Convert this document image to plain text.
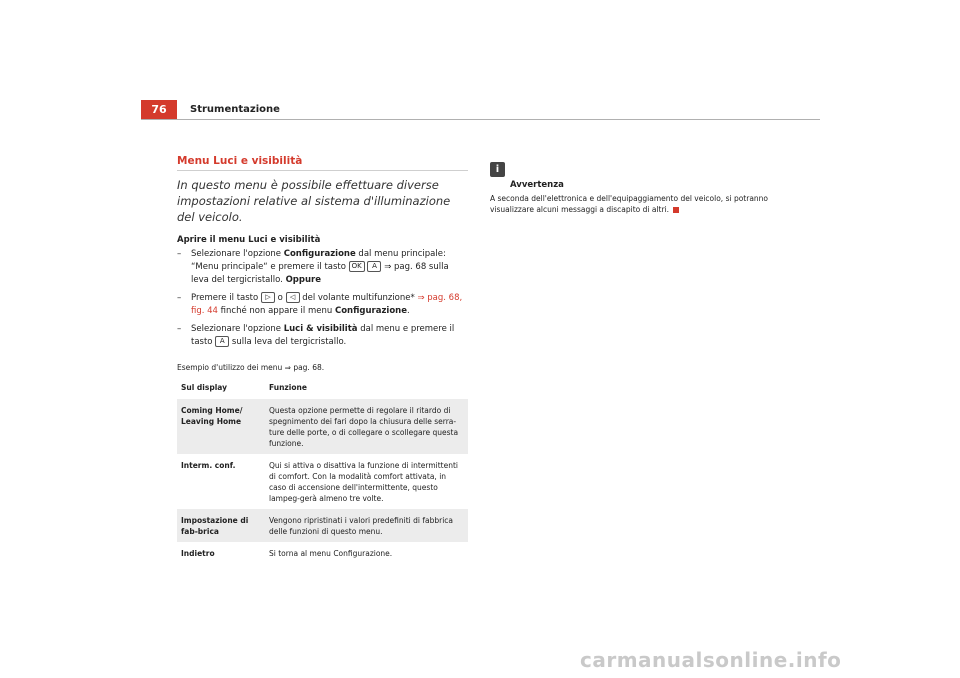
76	Strumentazione
Menu Luci e visibilità

In questo menu è possibile effettuare diverse impostazioni relative al sistema d'illuminazione del veicolo.

Aprire il menu Luci e visibilità

– Selezionare l'opzione Configurazione dal menu principale: “Menu principale“ e premere il tasto OK A ⇒ pag. 68 sulla leva del tergicristallo. Oppure
– Premere il tasto ▷ o ◁ del volante multifunzione* ⇒ pag. 68, fig. 44 finché non appare il menu Configurazione.
– Selezionare l'opzione Luci & visibilità dal menu e premere il tasto A sulla leva del tergicristallo.

Esempio d'utilizzo dei menu ⇒ pag. 68.

Sul display	Funzione
Coming Home/ Leaving Home	Questa opzione permette di regolare il ritardo di spegnimento dei fari dopo la chiusura delle serra-ture delle porte, o di collegare o scollegare questa funzione.
Interm. conf.	Qui si attiva o disattiva la funzione di intermittenti di comfort. Con la modalità comfort attivata, in caso di accensione dell'intermittente, questo lampeg-gerà almeno tre volte.
Impostazione di fab-brica	Vengono ripristinati i valori predefiniti di fabbrica delle funzioni di questo menu.
Indietro	Si torna al menu Configurazione.
i

Avvertenza

A seconda dell'elettronica e dell'equipaggiamento del veicolo, si potranno visualizzare alcuni messaggi a discapito di altri.

carmanualsonline.info
